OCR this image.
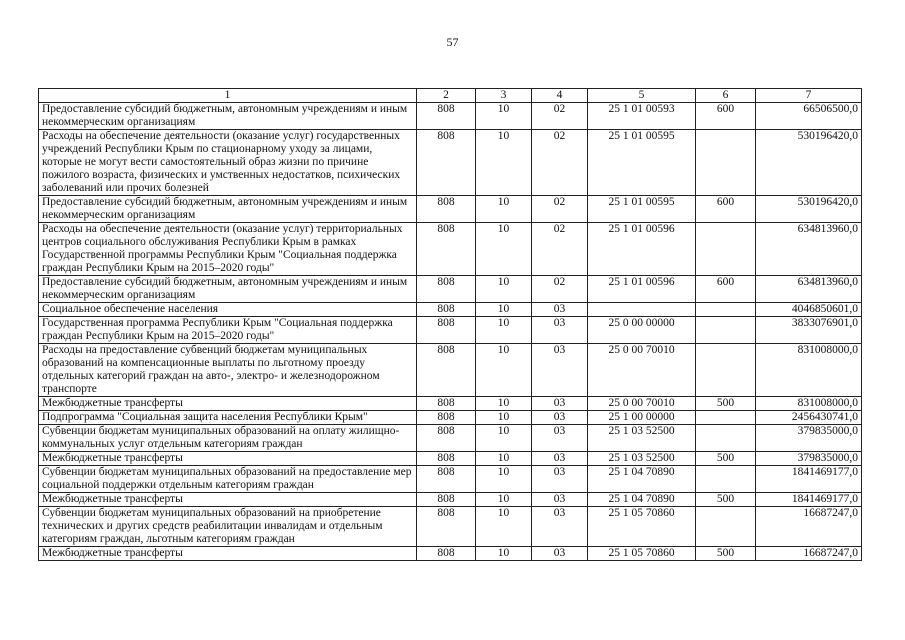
57
1	2	3	4	5	6	7
Предоставление субсидий бюджетным, автономным учреждениям и иным некоммерческим организациям	808	10	02	25 1 01 00593	600	66506500,0
Расходы на обеспечение деятельности (оказание услуг) государственных учреждений Республики Крым по стационарному уходу за лицами, которые не могут вести самостоятельный образ жизни по причине пожилого возраста, физических и умственных недостатков, психических заболеваний или прочих болезней	808	10	02	25 1 01 00595		530196420,0
Предоставление субсидий бюджетным, автономным учреждениям и иным некоммерческим организациям	808	10	02	25 1 01 00595	600	530196420,0
Расходы на обеспечение деятельности (оказание услуг) территориальных центров социального обслуживания Республики Крым в рамках Государственной программы Республики Крым "Социальная поддержка граждан Республики Крым на 2015–2020 годы"	808	10	02	25 1 01 00596		634813960,0
Предоставление субсидий бюджетным, автономным учреждениям и иным некоммерческим организациям	808	10	02	25 1 01 00596	600	634813960,0
Социальное обеспечение населения	808	10	03			4046850601,0
Государственная программа Республики Крым "Социальная поддержка граждан Республики Крым на 2015–2020 годы"	808	10	03	25 0 00 00000		3833076901,0
Расходы на предоставление субвенций бюджетам муниципальных образований на компенсационные выплаты по льготному проезду отдельных категорий граждан на авто-, электро- и железнодорожном транспорте	808	10	03	25 0 00 70010		831008000,0
Межбюджетные трансферты	808	10	03	25 0 00 70010	500	831008000,0
Подпрограмма "Социальная защита населения Республики Крым"	808	10	03	25 1 00 00000		2456430741,0
Субвенции бюджетам муниципальных образований на оплату жилищно-коммунальных услуг отдельным категориям граждан	808	10	03	25 1 03 52500		379835000,0
Межбюджетные трансферты	808	10	03	25 1 03 52500	500	379835000,0
Субвенции бюджетам муниципальных образований на предоставление мер социальной поддержки отдельным категориям граждан	808	10	03	25 1 04 70890		1841469177,0
Межбюджетные трансферты	808	10	03	25 1 04 70890	500	1841469177,0
Субвенции бюджетам муниципальных образований на приобретение технических и других средств реабилитации инвалидам и отдельным категориям граждан, льготным категориям граждан	808	10	03	25 1 05 70860		16687247,0
Межбюджетные трансферты	808	10	03	25 1 05 70860	500	16687247,0
